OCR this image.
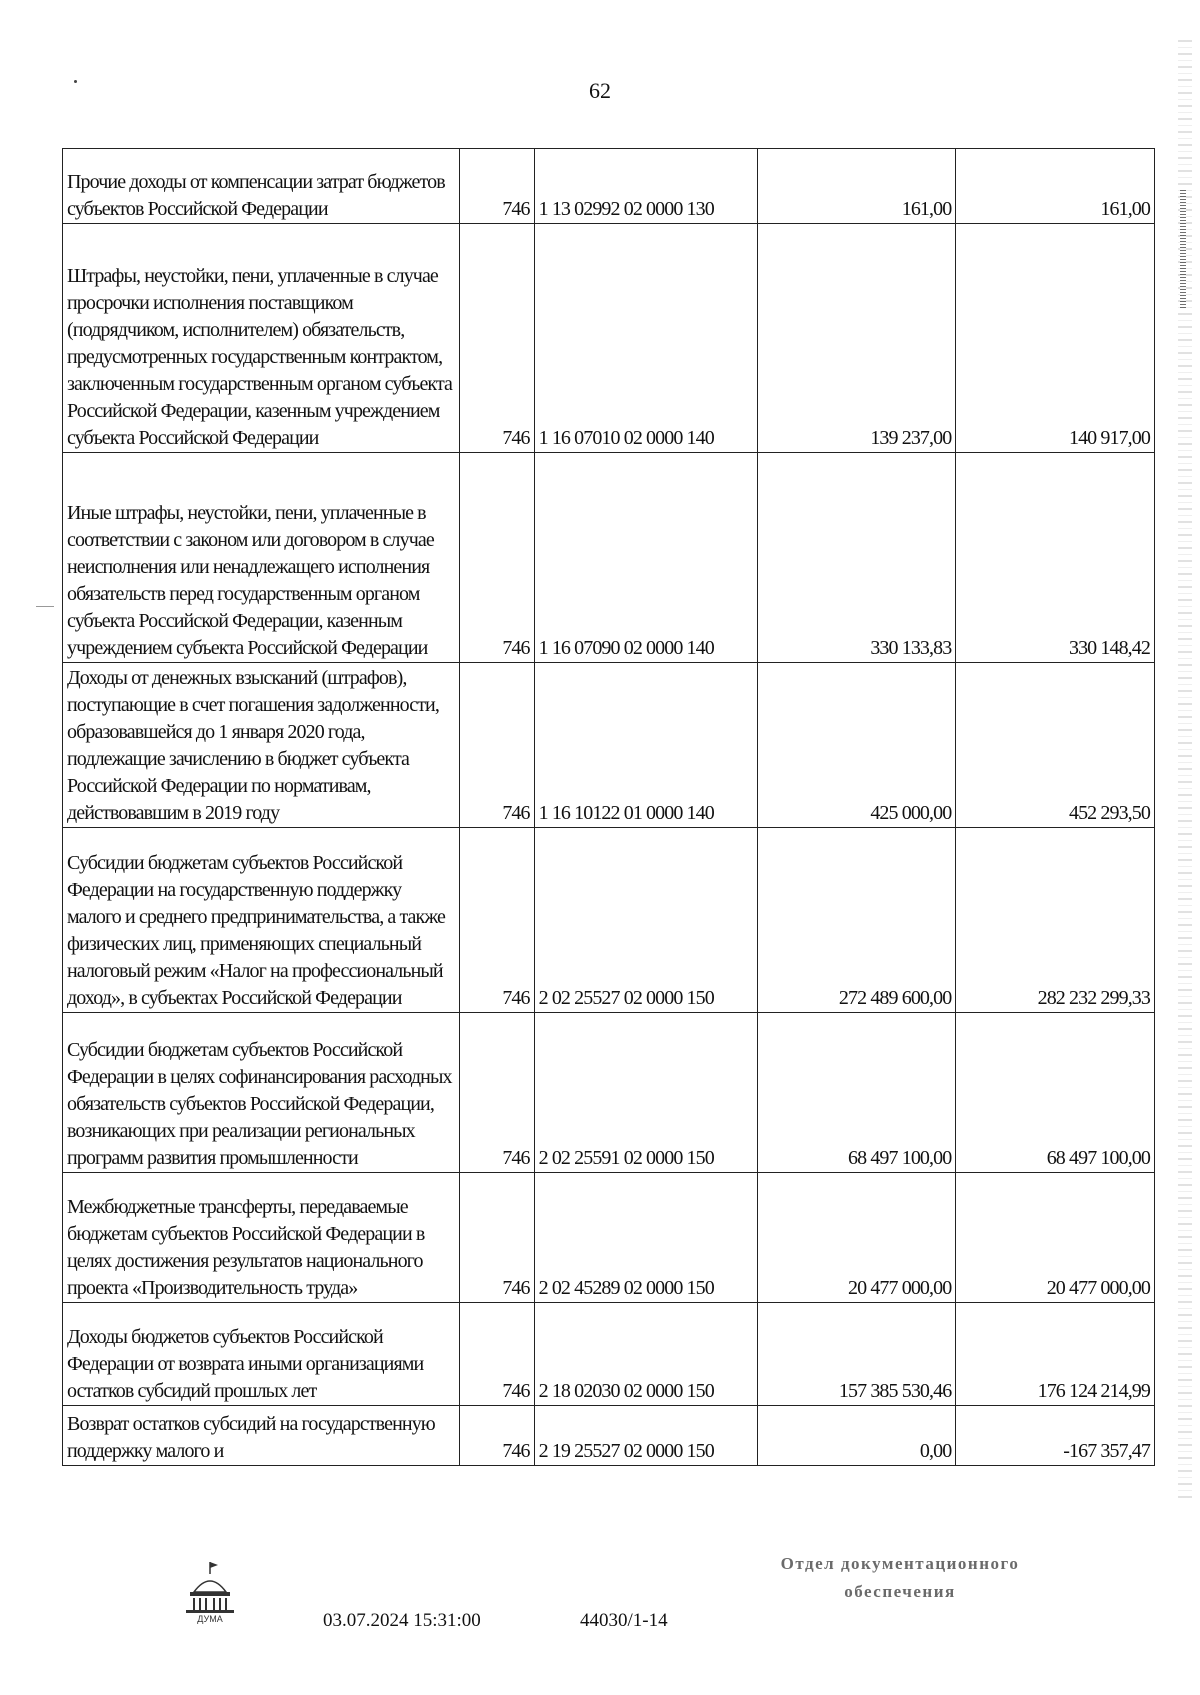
62
Прочие доходы от компенсации затрат бюджетов субъектов Российской Федерации	746	1 13 02992 02 0000 130	161,00	161,00
Штрафы, неустойки, пени, уплаченные в случае просрочки исполнения поставщиком (подрядчиком, исполнителем) обязательств, предусмотренных государственным контрактом, заключенным государственным органом субъекта Российской Федерации, казенным учреждением субъекта Российской Федерации	746	1 16 07010 02 0000 140	139 237,00	140 917,00
Иные штрафы, неустойки, пени, уплаченные в соответствии с законом или договором в случае неисполнения или ненадлежащего исполнения обязательств перед государственным органом субъекта Российской Федерации, казенным учреждением субъекта Российской Федерации	746	1 16 07090 02 0000 140	330 133,83	330 148,42
Доходы от денежных взысканий (штрафов), поступающие в счет погашения задолженности, образовавшейся до 1 января 2020 года, подлежащие зачислению в бюджет субъекта Российской Федерации по нормативам, действовавшим в 2019 году	746	1 16 10122 01 0000 140	425 000,00	452 293,50
Субсидии бюджетам субъектов Российской Федерации на государственную поддержку малого и среднего предпринимательства, а также физических лиц, применяющих специальный налоговый режим «Налог на профессиональный доход», в субъектах Российской Федерации	746	2 02 25527 02 0000 150	272 489 600,00	282 232 299,33
Субсидии бюджетам субъектов Российской Федерации в целях софинансирования расходных обязательств субъектов Российской Федерации, возникающих при реализации региональных программ развития промышленности	746	2 02 25591 02 0000 150	68 497 100,00	68 497 100,00
Межбюджетные трансферты, передаваемые бюджетам субъектов Российской Федерации в целях достижения результатов национального проекта «Производительность труда»	746	2 02 45289 02 0000 150	20 477 000,00	20 477 000,00
Доходы бюджетов субъектов Российской Федерации от возврата иными организациями остатков субсидий прошлых лет	746	2 18 02030 02 0000 150	157 385 530,46	176 124 214,99
Возврат остатков субсидий на государственную поддержку малого и	746	2 19 25527 02 0000 150	0,00	-167 357,47
ДУМА	03.07.2024 15:31:00	44030/1-14
Отдел документационного
обеспечения
